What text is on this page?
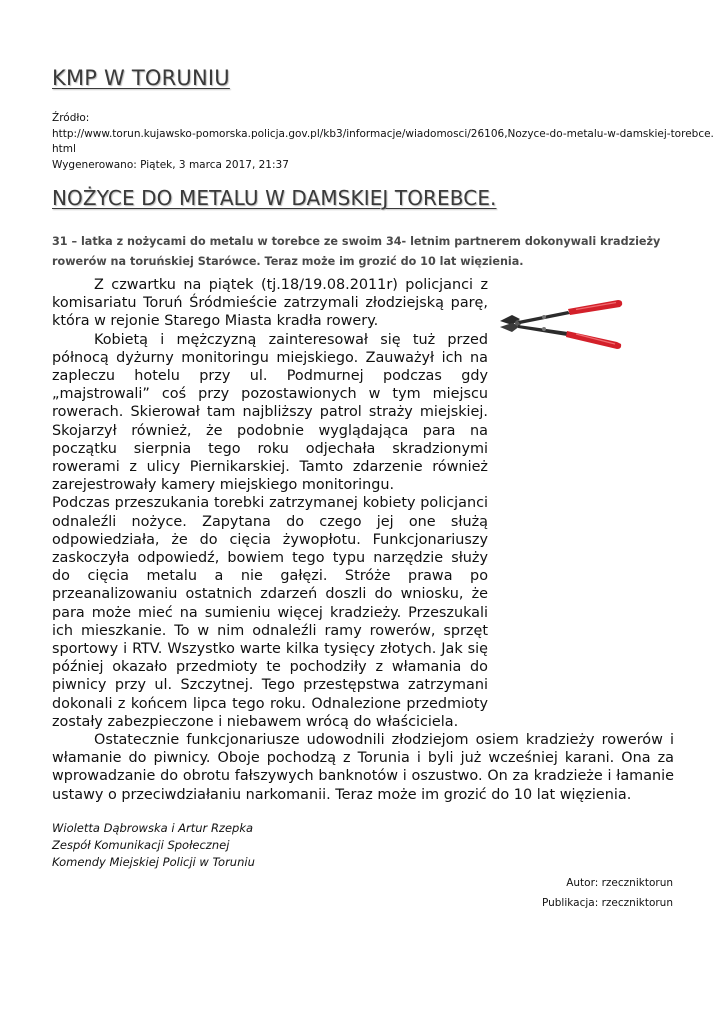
KMP W TORUNIU
Źródło:
http://www.torun.kujawsko-pomorska.policja.gov.pl/kb3/informacje/wiadomosci/26106,Nozyce-do-metalu-w-damskiej-torebce.
html
Wygenerowano: Piątek, 3 marca 2017, 21:37
NOŻYCE DO METALU W DAMSKIEJ TOREBCE.
31 – latka z nożycami do metalu w torebce ze swoim 34- letnim partnerem dokonywali kradzieży rowerów na toruńskiej Starówce. Teraz może im grozić do 10 lat więzienia.

Z czwartku na piątek (tj.18/19.08.2011r) policjanci z komisariatu Toruń Śródmieście zatrzymali złodziejską parę, która w rejonie Starego Miasta kradła rowery.

Kobietą i mężczyzną zainteresował się tuż przed północą dyżurny monitoringu miejskiego. Zauważył ich na zapleczu hotelu przy ul. Podmurnej podczas gdy „majstrowali” coś przy pozostawionych w tym miejscu rowerach. Skierował tam najbliższy patrol straży miejskiej. Skojarzył również, że podobnie wyglądająca para na początku sierpnia tego roku odjechała skradzionymi rowerami z ulicy Piernikarskiej. Tamto zdarzenie również zarejestrowały kamery miejskiego monitoringu.

Podczas przeszukania torebki zatrzymanej kobiety policjanci odnaleźli nożyce. Zapytana do czego jej one służą odpowiedziała, że do cięcia żywopłotu. Funkcjonariuszy zaskoczyła odpowiedź, bowiem tego typu narzędzie służy do cięcia metalu a nie gałęzi. Stróże prawa po przeanalizowaniu ostatnich zdarzeń doszli do wniosku, że para może mieć na sumieniu więcej kradzieży. Przeszukali ich mieszkanie. To w nim odnaleźli ramy rowerów, sprzęt sportowy i RTV. Wszystko warte kilka tysięcy złotych. Jak się później okazało przedmioty te pochodziły z włamania do piwnicy przy ul. Szczytnej. Tego przestępstwa zatrzymani dokonali z końcem lipca tego roku. Odnalezione przedmioty zostały zabezpieczone i niebawem wrócą do właściciela.

Ostatecznie funkcjonariusze udowodnili złodziejom osiem kradzieży rowerów i włamanie do piwnicy. Oboje pochodzą z Torunia i byli już wcześniej karani. Ona za wprowadzanie do obrotu fałszywych banknotów i oszustwo. On za kradzieże i łamanie ustawy o przeciwdziałaniu narkomanii. Teraz może im grozić do 10 lat więzienia.

Wioletta Dąbrowska i Artur Rzepka
Zespół Komunikacji Społecznej
Komendy Miejskiej Policji w Toruniu
Autor: rzeczniktorun
Publikacja: rzeczniktorun
